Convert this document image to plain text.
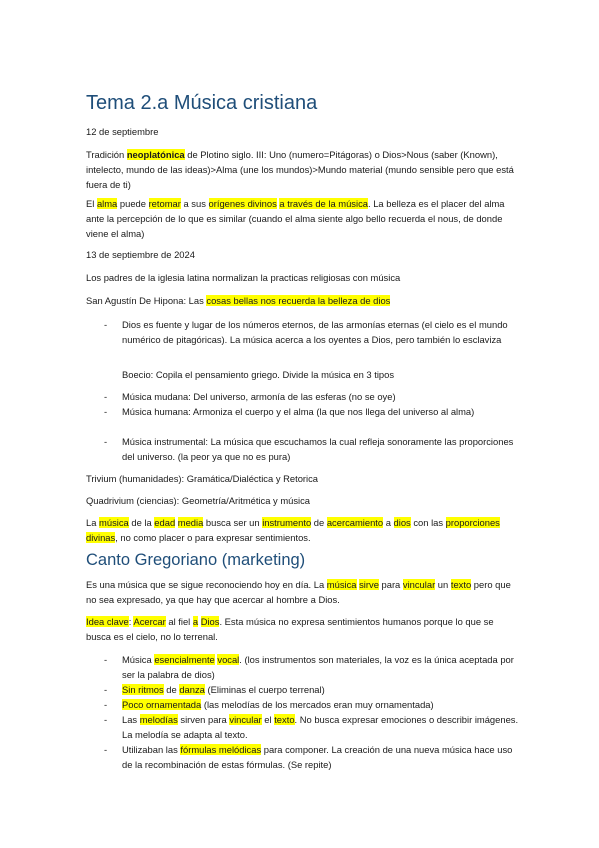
Tema 2.a Música cristiana
12 de septiembre
Tradición neoplatónica de Plotino siglo. III: Uno (numero=Pitágoras) o Dios>Nous (saber (Known), intelecto, mundo de las ideas)>Alma (une los mundos)>Mundo material (mundo sensible pero que está fuera de ti)
El alma puede retomar a sus orígenes divinos a través de la música. La belleza es el placer del alma ante la percepción de lo que es similar (cuando el alma siente algo bello recuerda el nous, de donde viene el alma)
13 de septiembre de 2024
Los padres de la iglesia latina normalizan la practicas religiosas con música
San Agustín De Hipona: Las cosas bellas nos recuerda la belleza de dios
- Dios es fuente y lugar de los números eternos, de las armonías eternas (el cielo es el mundo numérico de pitagóricas). La música acerca a los oyentes a Dios, pero también lo esclaviza
Boecio: Copila el pensamiento griego. Divide la música en 3 tipos
- Música mudana: Del universo, armonía de las esferas (no se oye)
- Música humana: Armoniza el cuerpo y el alma (la que nos llega del universo al alma)
- Música instrumental: La música que escuchamos la cual refleja sonoramente las proporciones del universo. (la peor ya que no es pura)
Trivium (humanidades): Gramática/Dialéctica y Retorica
Quadrivium (ciencias): Geometría/Aritmética y música
La música de la edad media busca ser un instrumento de acercamiento a dios con las proporciones divinas, no como placer o para expresar sentimientos.
Canto Gregoriano (marketing)
Es una música que se sigue reconociendo hoy en día. La música sirve para vincular un texto pero que no sea expresado, ya que hay que acercar al hombre a Dios.
Idea clave: Acercar al fiel a Dios. Esta música no expresa sentimientos humanos porque lo que se busca es el cielo, no lo terrenal.
- Música esencialmente vocal. (los instrumentos son materiales, la voz es la única aceptada por ser la palabra de dios)
- Sin ritmos de danza (Eliminas el cuerpo terrenal)
- Poco ornamentada (las melodías de los mercados eran muy ornamentada)
- Las melodías sirven para vincular el texto. No busca expresar emociones o describir imágenes. La melodía se adapta al texto.
- Utilizaban las fórmulas melódicas para componer. La creación de una nueva música hace uso de la recombinación de estas fórmulas. (Se repite)
